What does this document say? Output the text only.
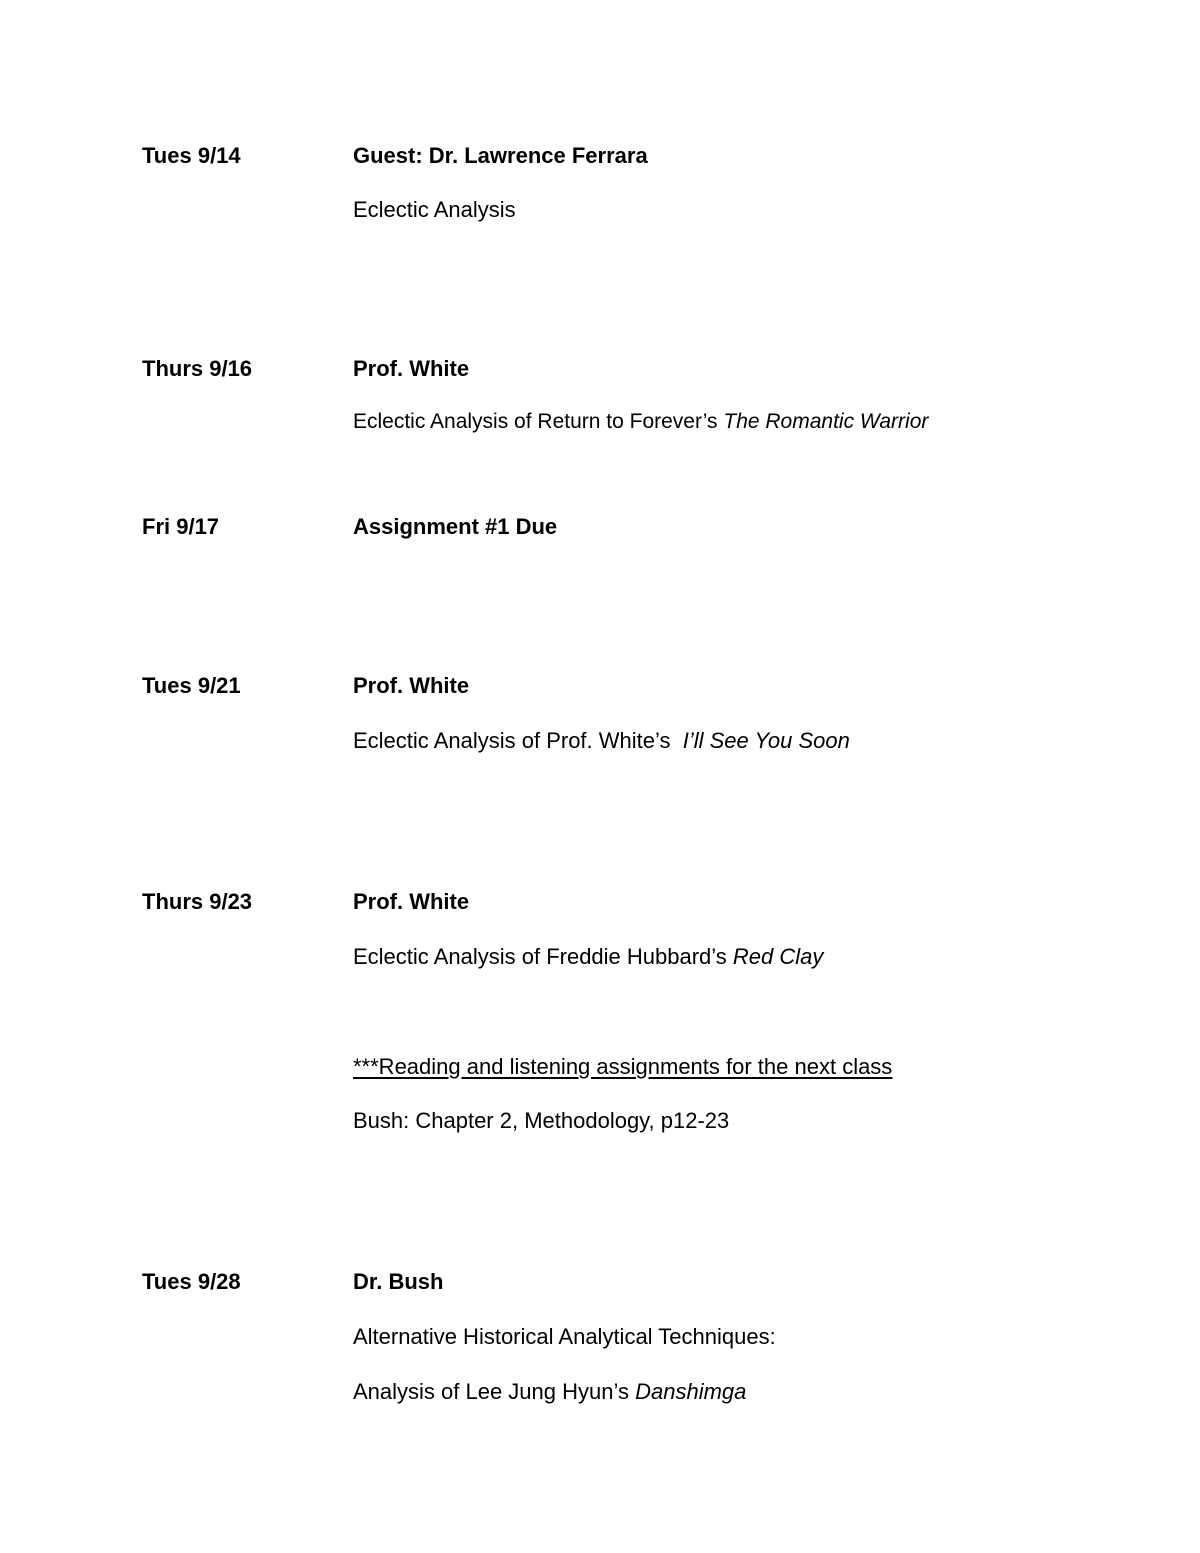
Tues 9/14	Guest: Dr. Lawrence Ferrara
Eclectic Analysis
Thurs 9/16	Prof. White
Eclectic Analysis of Return to Forever’s The Romantic Warrior
Fri 9/17	Assignment #1 Due
Tues 9/21	Prof. White
Eclectic Analysis of Prof. White’s  I’ll See You Soon
Thurs 9/23	Prof. White
Eclectic Analysis of Freddie Hubbard’s Red Clay
***Reading and listening assignments for the next class
Bush: Chapter 2, Methodology, p12-23
Tues 9/28	Dr. Bush
Alternative Historical Analytical Techniques:
Analysis of Lee Jung Hyun’s Danshimga
